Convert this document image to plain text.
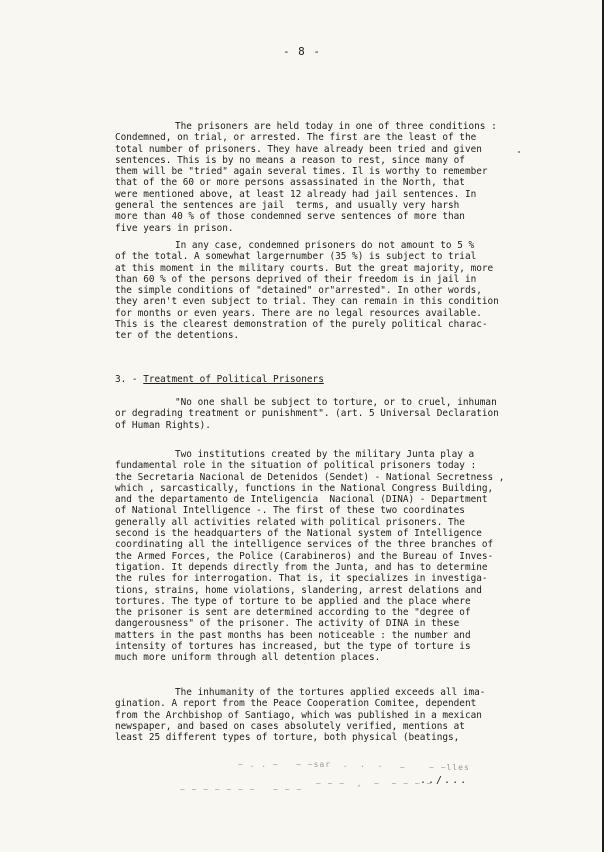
- 8 -
The prisoners are held today in one of three conditions :
Condemned, on trial, or arrested. The first are the least of the
total number of prisoners. They have already been tried and given
sentences. This is by no means a reason to rest, since many of
them will be "tried" again several times. Il is worthy to remember
that of the 60 or more persons assassinated in the North, that
were mentioned above, at least 12 already had jail sentences. In
general the sentences are jail  terms, and usually very harsh
more than 40 % of those condemned serve sentences of more than
five years in prison.
In any case, condemned prisoners do not amount to 5 %
of the total. A somewhat largernumber (35 %) is subject to trial
at this moment in the military courts. But the great majority, more
than 60 % of the persons deprived of their freedom is in jail in
the simple conditions of "detained" or"arrested". In other words,
they aren't even subject to trial. They can remain in this condition
for months or even years. There are no legal resources available.
This is the clearest demonstration of the purely political charac-
ter of the detentions.
3. - Treatment of Political Prisoners
"No one shall be subject to torture, or to cruel, inhuman
or degrading treatment or punishment". (art. 5 Universal Declaration
of Human Rights).
Two institutions created by the military Junta play a
fundamental role in the situation of political prisoners today :
the Secretaria Nacional de Detenidos (Sendet) - National Secretness ,
which , sarcastically, functions in the National Congress Building,
and the departamento de Inteligencia  Nacional (DINA) - Department
of National Intelligence -. The first of these two coordinates
generally all activities related with political prisoners. The
second is the headquarters of the National system of Intelligence
coordinating all the intelligence services of the three branches of
the Armed Forces, the Police (Carabineros) and the Bureau of Inves-
tigation. It depends directly from the Junta, and has to determine
the rules for interrogation. That is, it specializes in investiga-
tions, strains, home violations, slandering, arrest delations and
tortures. The type of torture to be applied and the place where
the prisoner is sent are determined according to the "degree of
dangerousness" of the prisoner. The activity of DINA in these
matters in the past months has been noticeable : the number and
intensity of tortures has increased, but the type of torture is
much more uniform through all detention places.
The inhumanity of the tortures applied exceeds all ima-
gination. A report from the Peace Cooperation Comitee, dependent
from the Archbishop of Santiago, which was published in a mexican
newspaper, and based on cases absolutely verified, mentions at
least 25 different types of torture, both physical (beatings,
~ . . ~   ~ ~sar  .  .  .
~ ~ ~ ~ ~ ~ ~   ~ ~ ~
~ ~ ~  ,  ~  ~ ~ ~ ~
~    ~ ~lles
../...
